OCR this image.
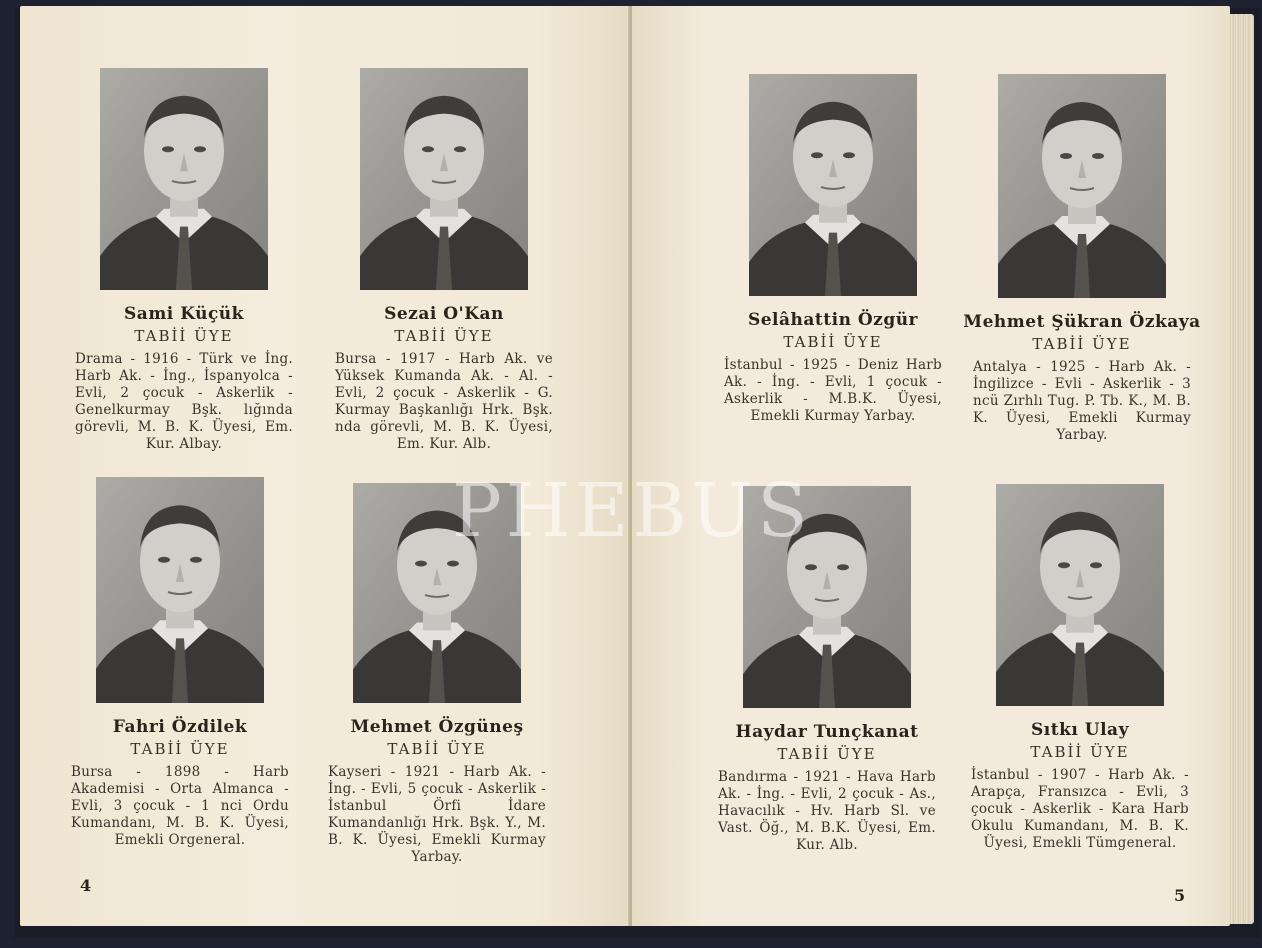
Sami Küçük
TABİİ ÜYE
Drama - 1916 - Türk ve İng. Harb Ak. - İng., İspanyolca - Evli, 2 çocuk - Askerlik - Genelkurmay Bşk. lığında görevli, M. B. K. Üyesi, Em. Kur. Albay.
Sezai O'Kan
TABİİ ÜYE
Bursa - 1917 - Harb Ak. ve Yüksek Kumanda Ak. - Al. - Evli, 2 çocuk - Askerlik - G. Kurmay Başkanlığı Hrk. Bşk. nda görevli, M. B. K. Üyesi, Em. Kur. Alb.
Fahri Özdilek
TABİİ ÜYE
Bursa - 1898 - Harb Akademisi - Orta Almanca - Evli, 3 çocuk - 1 nci Ordu Kumandanı, M. B. K. Üyesi, Emekli Orgeneral.
Mehmet Özgüneş
TABİİ ÜYE
Kayseri - 1921 - Harb Ak. - İng. - Evli, 5 çocuk - Askerlik - İstanbul Örfi İdare Kumandanlığı Hrk. Bşk. Y., M. B. K. Üyesi, Emekli Kurmay Yarbay.
4
Selâhattin Özgür
TABİİ ÜYE
İstanbul - 1925 - Deniz Harb Ak. - İng. - Evli, 1 çocuk - Askerlik - M.B.K. Üyesi, Emekli Kurmay Yarbay.
Mehmet Şükran Özkaya
TABİİ ÜYE
Antalya - 1925 - Harb Ak. - İngilizce - Evli - Askerlik - 3 ncü Zırhlı Tug. P. Tb. K., M. B. K. Üyesi, Emekli Kurmay Yarbay.
Haydar Tunçkanat
TABİİ ÜYE
Bandırma - 1921 - Hava Harb Ak. - İng. - Evli, 2 çocuk - As., Havacılık - Hv. Harb Sl. ve Vast. Öğ., M. B.K. Üyesi, Em. Kur. Alb.
Sıtkı Ulay
TABİİ ÜYE
İstanbul - 1907 - Harb Ak. - Arapça, Fransızca - Evli, 3 çocuk - Askerlik - Kara Harb Okulu Kumandanı, M. B. K. Üyesi, Emekli Tümgeneral.
5
PHEBUS
